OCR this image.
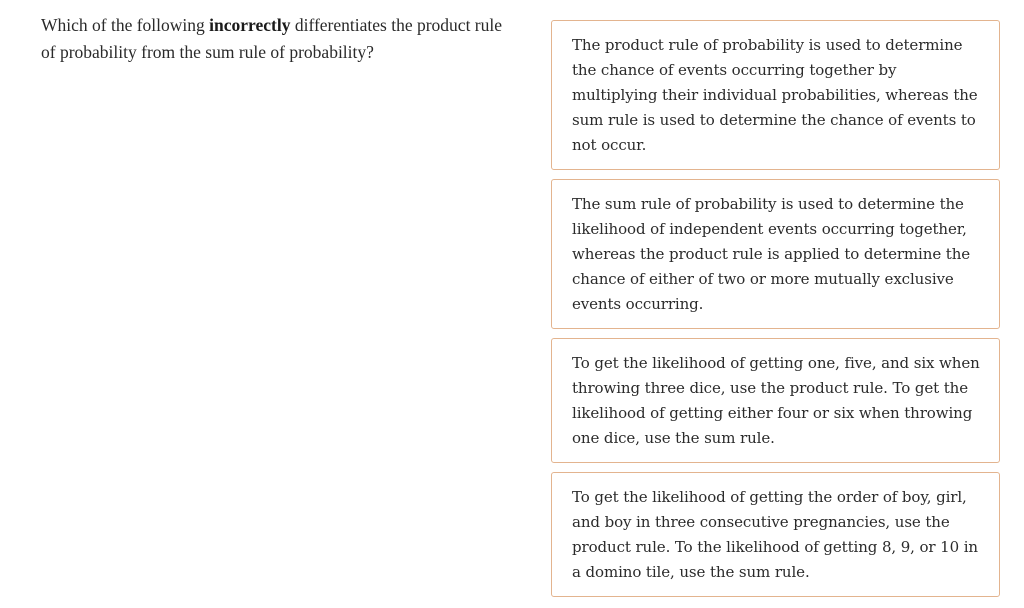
Which of the following incorrectly differentiates the product rule of probability from the sum rule of probability?	The product rule of probability is used to determine the chance of events occurring together by multiplying their individual probabilities, whereas the sum rule is used to determine the chance of events to not occur.
The sum rule of probability is used to determine the likelihood of independent events occurring together, whereas the product rule is applied to determine the chance of either of two or more mutually exclusive events occurring.
To get the likelihood of getting one, five, and six when throwing three dice, use the product rule. To get the likelihood of getting either four or six when throwing one dice, use the sum rule.
To get the likelihood of getting the order of boy, girl, and boy in three consecutive pregnancies, use the product rule. To the likelihood of getting 8, 9, or 10 in a domino tile, use the sum rule.
